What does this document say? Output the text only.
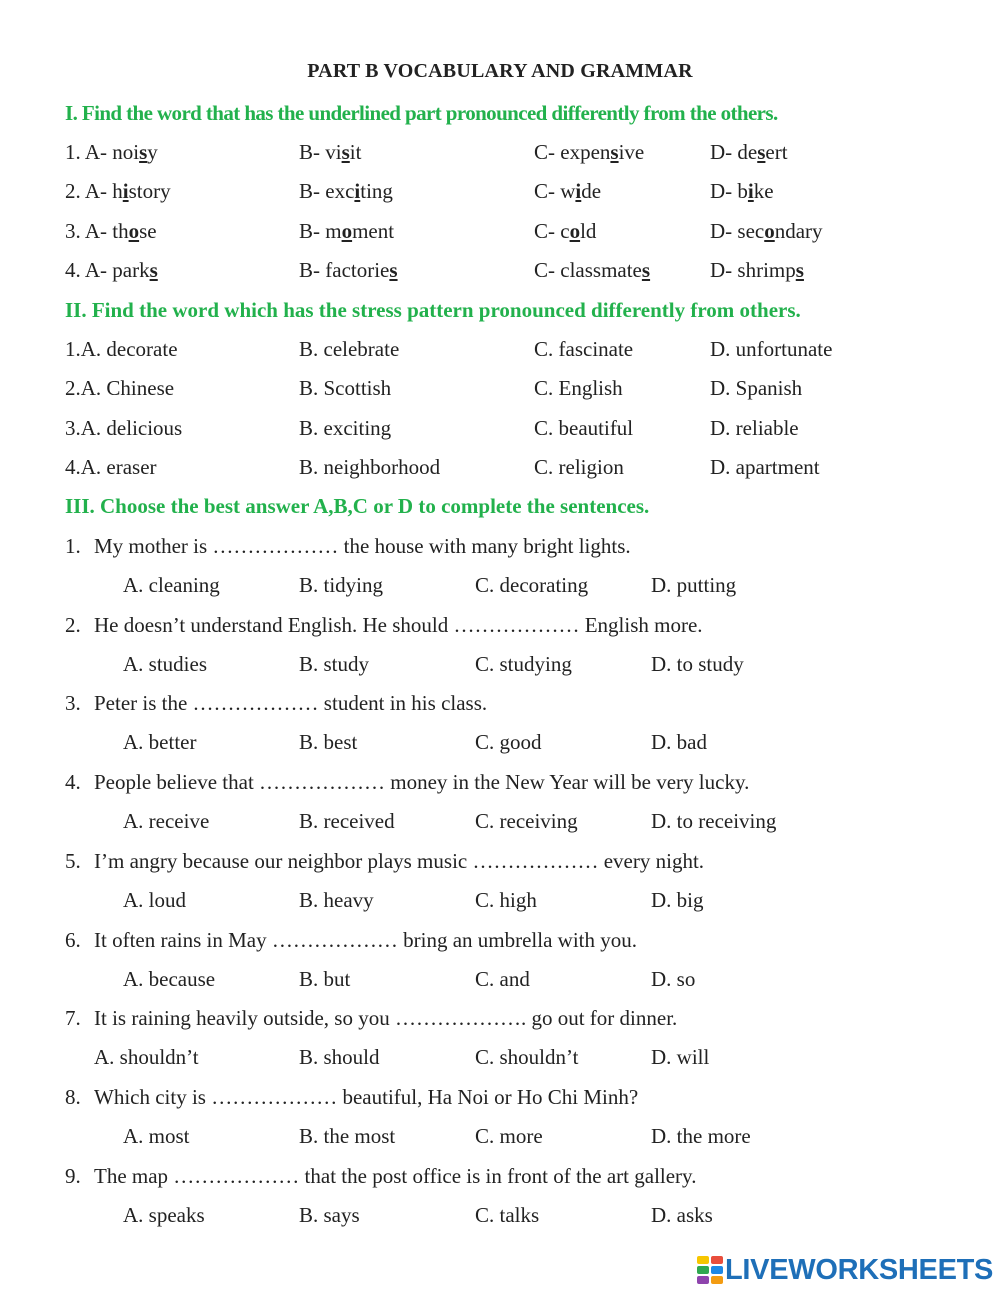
PART B VOCABULARY AND GRAMMAR
I. Find the word that has the underlined part pronounced differently from the others.
1. A- noisy	B- visit	C- expensive	D- desert
2. A- history	B- exciting	C- wide	D- bike
3. A- those	B- moment	C- cold	D- secondary
4. A- parks	B- factories	C- classmates	D- shrimps
II. Find the word which has the stress pattern pronounced differently from others.
1.A. decorate	B. celebrate	C. fascinate	D. unfortunate
2.A. Chinese	B. Scottish	C. English	D. Spanish
3.A. delicious	B. exciting	C. beautiful	D. reliable
4.A. eraser	B. neighborhood	C. religion	D. apartment
III. Choose the best answer A,B,C or D to complete the sentences.
1. My mother is ……………… the house with many bright lights.
A. cleaning	B. tidying	C. decorating	D. putting
2. He doesn’t understand English. He should ……………… English more.
A. studies	B. study	C. studying	D. to study
3. Peter is the ……………… student in his class.
A. better	B. best	C. good	D. bad
4. People believe that ……………… money in the New Year will be very lucky.
A. receive	B. received	C. receiving	D. to receiving
5. I’m angry because our neighbor plays music ……………… every night.
A. loud	B. heavy	C. high	D. big
6. It often rains in May ……………… bring an umbrella with you.
A. because	B. but	C. and	D. so
7. It is raining heavily outside, so you ………………. go out for dinner.
A. shouldn’t	B. should	C. shouldn’t	D. will
8. Which city is ……………… beautiful, Ha Noi or Ho Chi Minh?
A. most	B. the most	C. more	D. the more
9. The map ……………… that the post office is in front of the art gallery.
A. speaks	B. says	C. talks	D. asks
LIVEWORKSHEETS
